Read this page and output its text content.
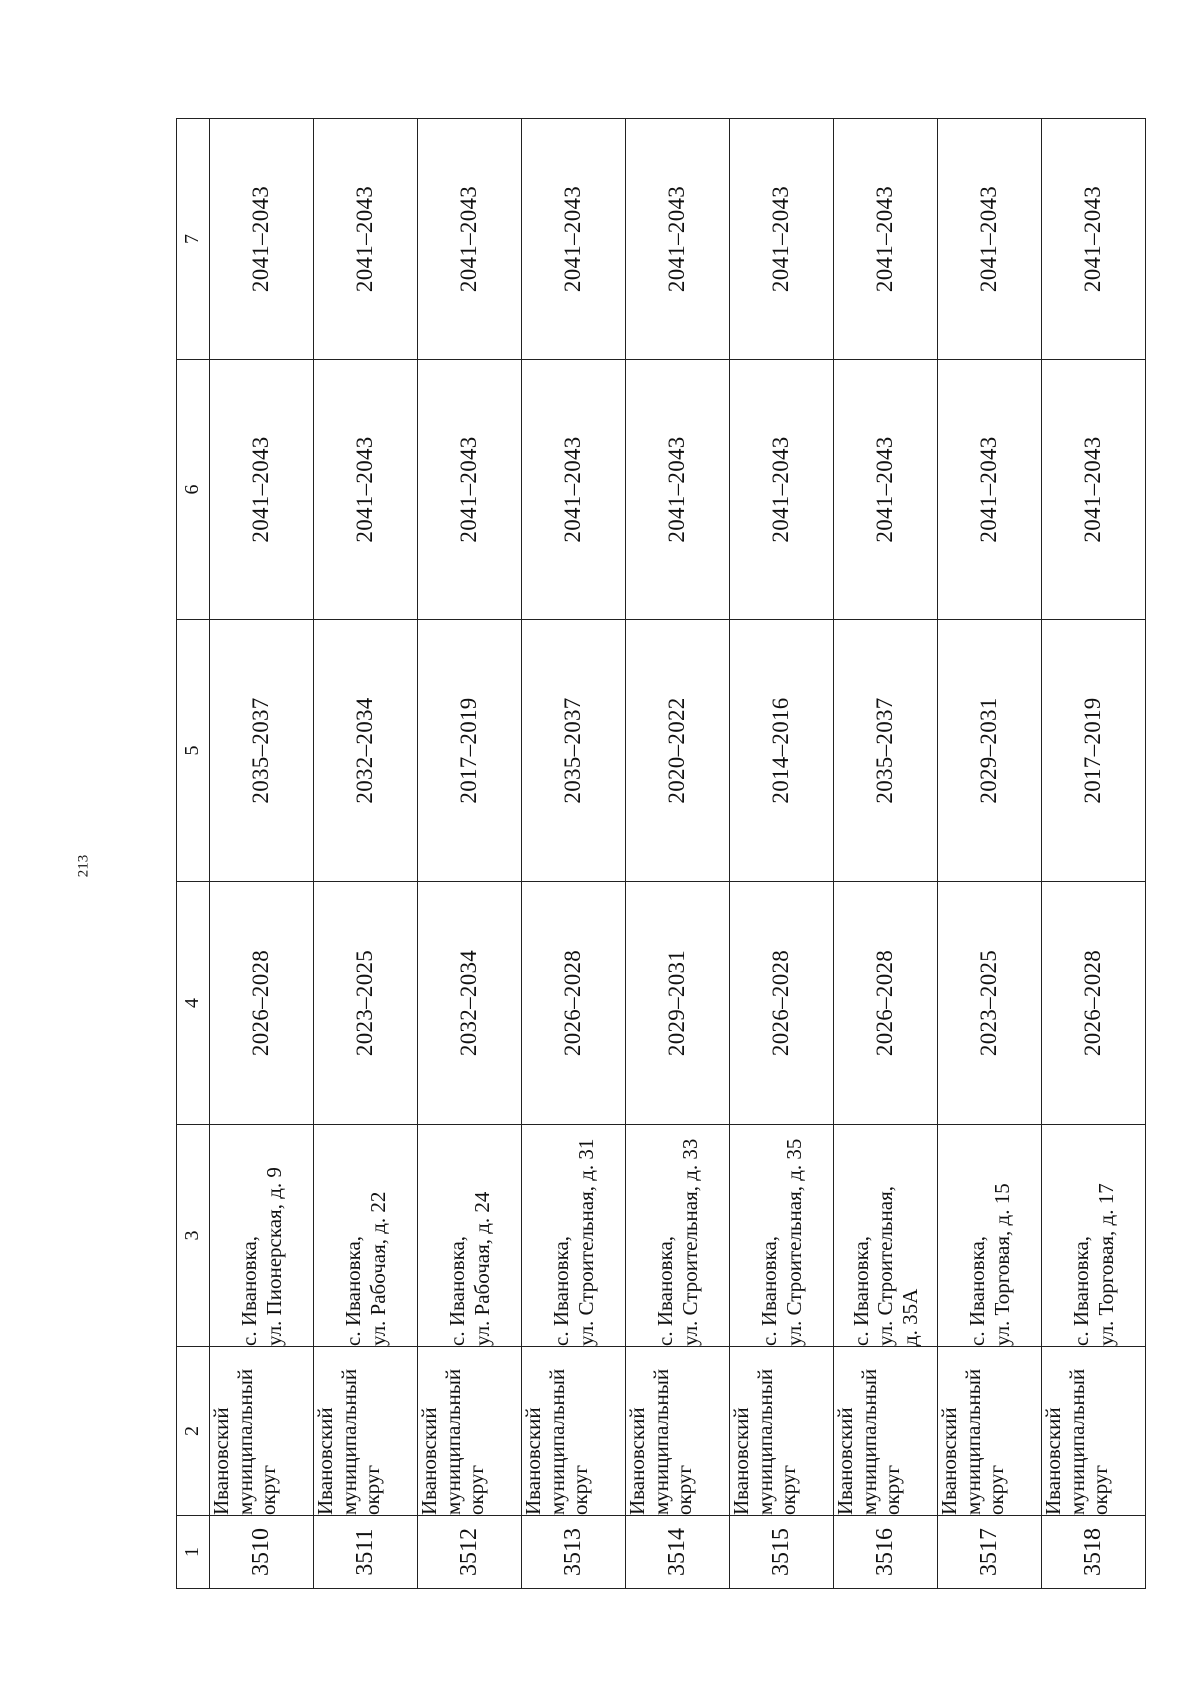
213
1	2	3	4	5	6	7
3510	Ивановский муниципальный округ	с. Ивановка, ул. Пионерская, д. 9	2026–2028	2035–2037	2041–2043	2041–2043
3511	Ивановский муниципальный округ	с. Ивановка, ул. Рабочая, д. 22	2023–2025	2032–2034	2041–2043	2041–2043
3512	Ивановский муниципальный округ	с. Ивановка, ул. Рабочая, д. 24	2032–2034	2017–2019	2041–2043	2041–2043
3513	Ивановский муниципальный округ	с. Ивановка, ул. Строительная, д. 31	2026–2028	2035–2037	2041–2043	2041–2043
3514	Ивановский муниципальный округ	с. Ивановка, ул. Строительная, д. 33	2029–2031	2020–2022	2041–2043	2041–2043
3515	Ивановский муниципальный округ	с. Ивановка, ул. Строительная, д. 35	2026–2028	2014–2016	2041–2043	2041–2043
3516	Ивановский муниципальный округ	с. Ивановка, ул. Строительная, д. 35А	2026–2028	2035–2037	2041–2043	2041–2043
3517	Ивановский муниципальный округ	с. Ивановка, ул. Торговая, д. 15	2023–2025	2029–2031	2041–2043	2041–2043
3518	Ивановский муниципальный округ	с. Ивановка, ул. Торговая, д. 17	2026–2028	2017–2019	2041–2043	2041–2043
